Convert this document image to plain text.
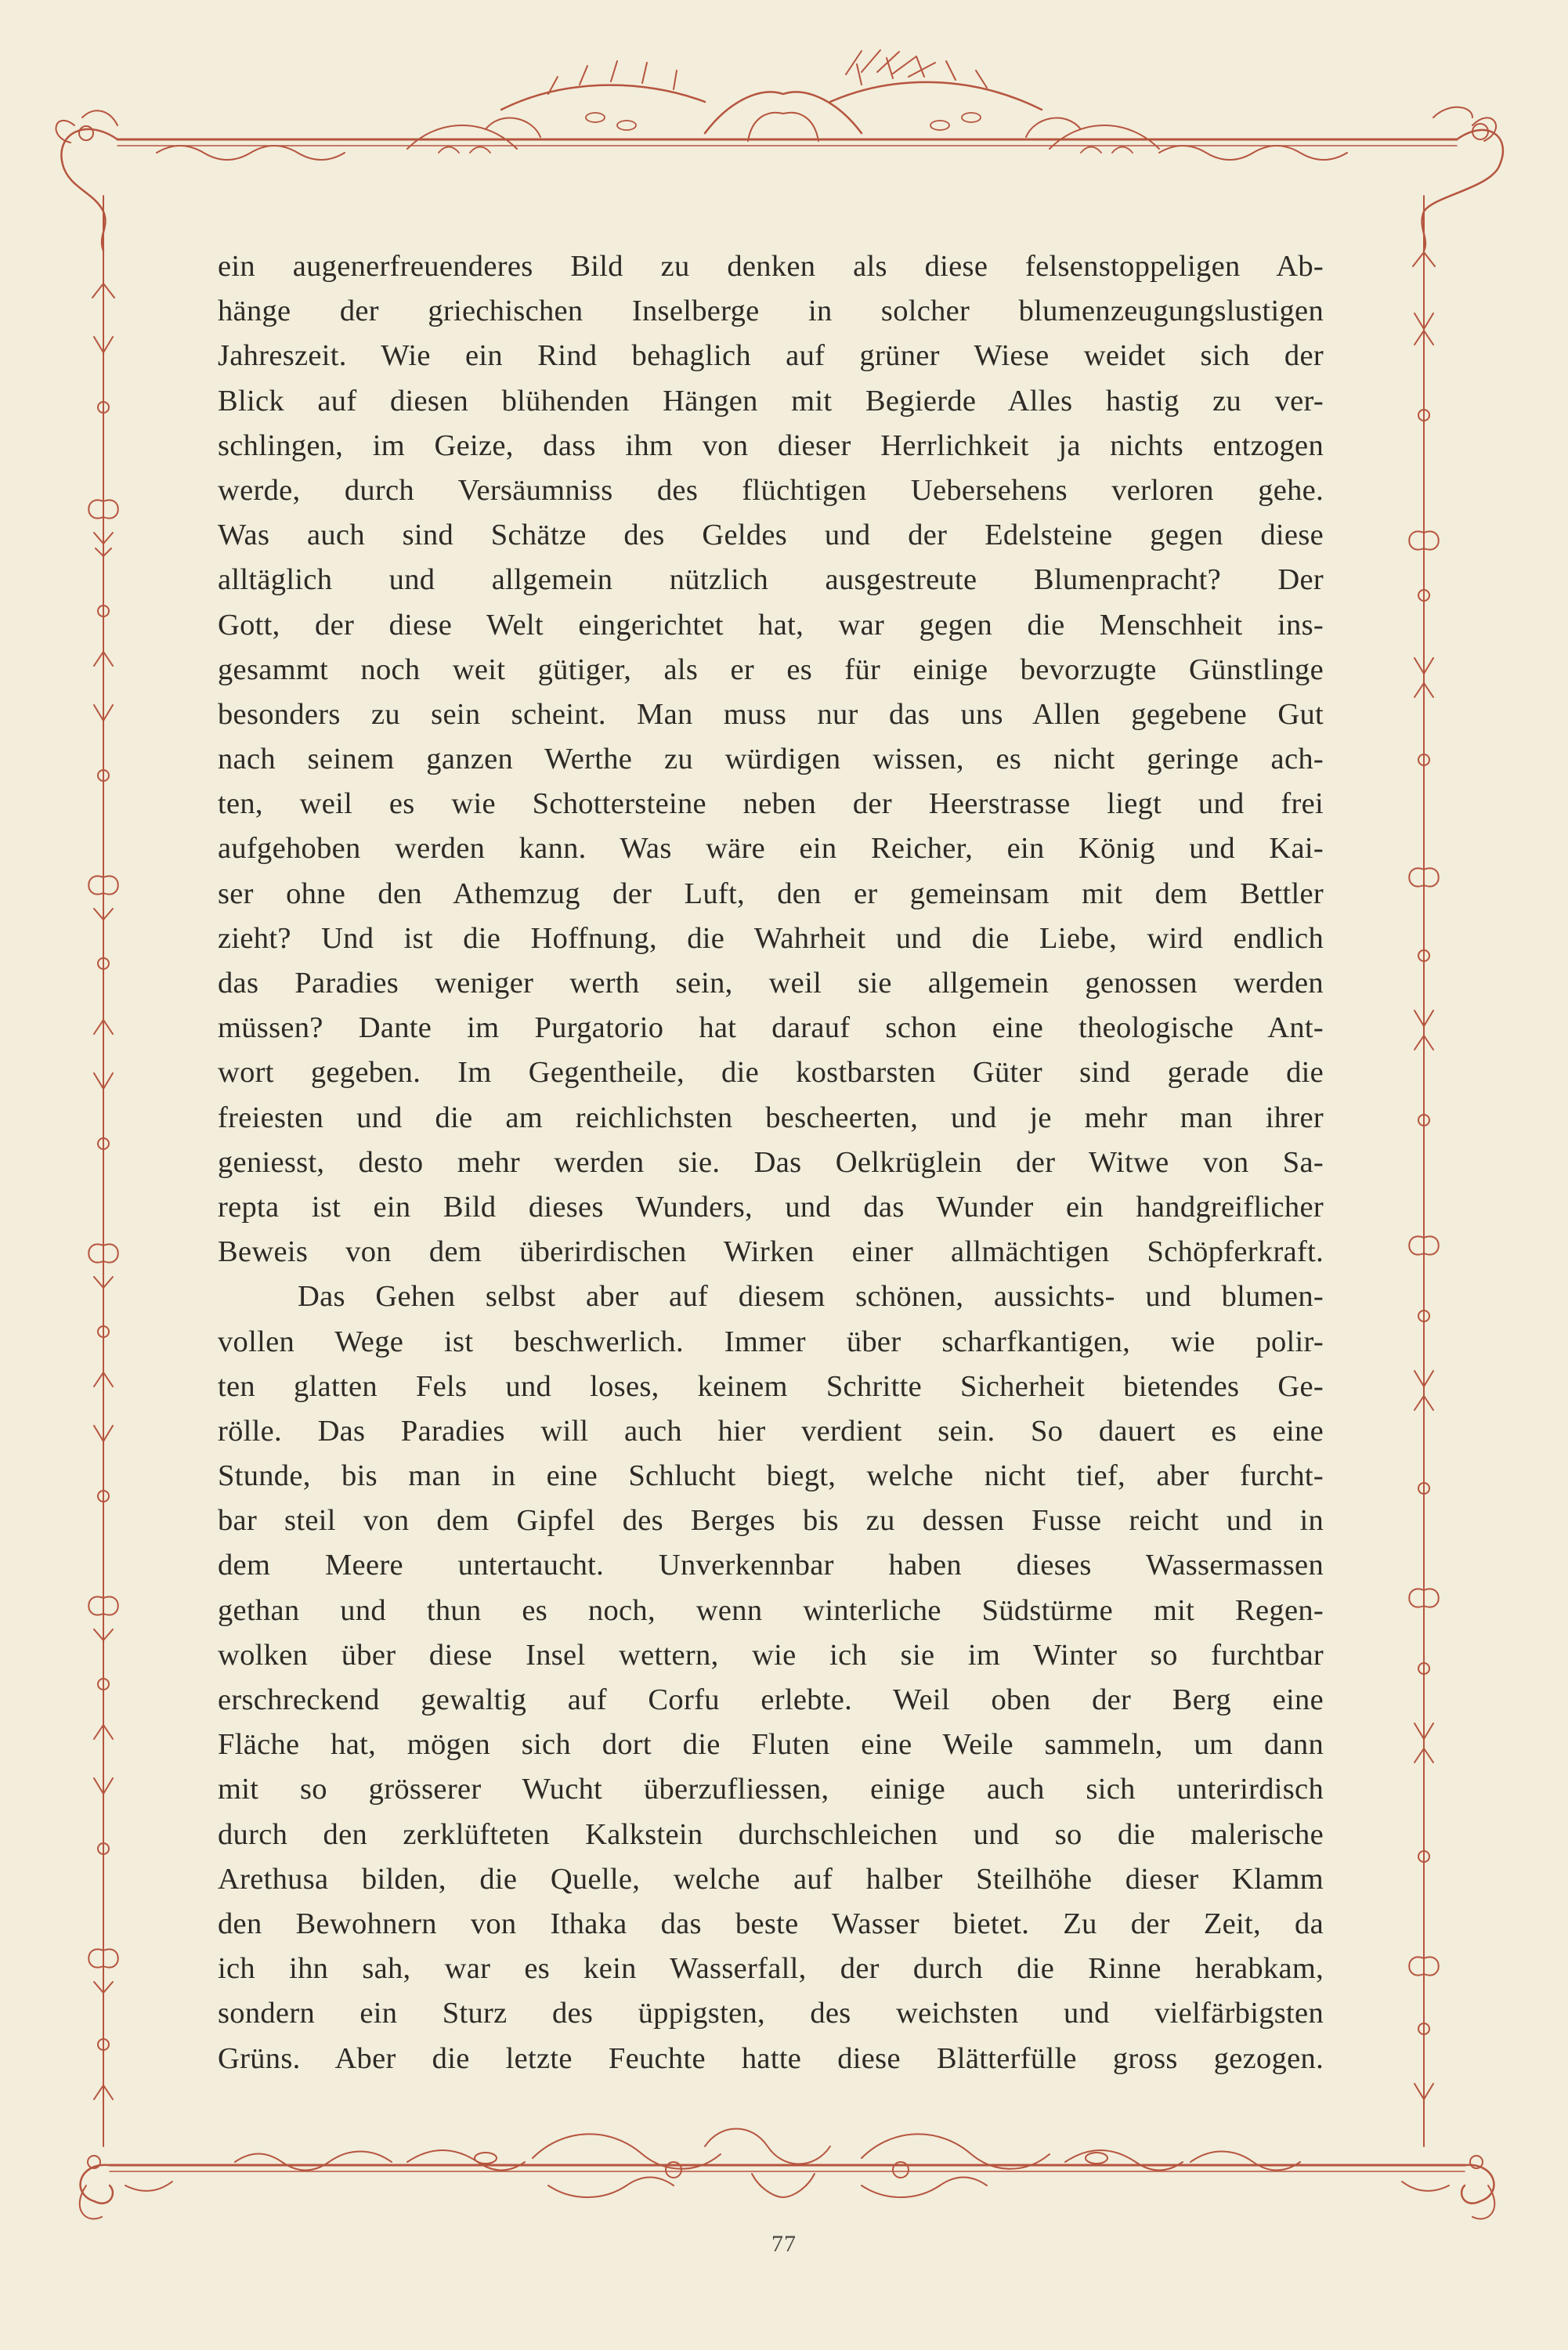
ein augenerfreuenderes Bild zu denken als diese felsenstoppeligen Ab-
hänge der griechischen Inselberge in solcher blumenzeugungslustigen
Jahreszeit. Wie ein Rind behaglich auf grüner Wiese weidet sich der
Blick auf diesen blühenden Hängen mit Begierde Alles hastig zu ver-
schlingen, im Geize, dass ihm von dieser Herrlichkeit ja nichts entzogen
werde, durch Versäumniss des flüchtigen Uebersehens verloren gehe.
Was auch sind Schätze des Geldes und der Edelsteine gegen diese
alltäglich und allgemein nützlich ausgestreute Blumenpracht? Der
Gott, der diese Welt eingerichtet hat, war gegen die Menschheit ins-
gesammt noch weit gütiger, als er es für einige bevorzugte Günstlinge
besonders zu sein scheint. Man muss nur das uns Allen gegebene Gut
nach seinem ganzen Werthe zu würdigen wissen, es nicht geringe ach-
ten, weil es wie Schottersteine neben der Heerstrasse liegt und frei
aufgehoben werden kann. Was wäre ein Reicher, ein König und Kai-
ser ohne den Athemzug der Luft, den er gemeinsam mit dem Bettler
zieht? Und ist die Hoffnung, die Wahrheit und die Liebe, wird endlich
das Paradies weniger werth sein, weil sie allgemein genossen werden
müssen? Dante im Purgatorio hat darauf schon eine theologische Ant-
wort gegeben. Im Gegentheile, die kostbarsten Güter sind gerade die
freiesten und die am reichlichsten bescheerten, und je mehr man ihrer
geniesst, desto mehr werden sie. Das Oelkrüglein der Witwe von Sa-
repta ist ein Bild dieses Wunders, und das Wunder ein handgreiflicher
Beweis von dem überirdischen Wirken einer allmächtigen Schöpferkraft.
Das Gehen selbst aber auf diesem schönen, aussichts- und blumen-
vollen Wege ist beschwerlich. Immer über scharfkantigen, wie polir-
ten glatten Fels und loses, keinem Schritte Sicherheit bietendes Ge-
rölle. Das Paradies will auch hier verdient sein. So dauert es eine
Stunde, bis man in eine Schlucht biegt, welche nicht tief, aber furcht-
bar steil von dem Gipfel des Berges bis zu dessen Fusse reicht und in
dem Meere untertaucht. Unverkennbar haben dieses Wassermassen
gethan und thun es noch, wenn winterliche Südstürme mit Regen-
wolken über diese Insel wettern, wie ich sie im Winter so furchtbar
erschreckend gewaltig auf Corfu erlebte. Weil oben der Berg eine
Fläche hat, mögen sich dort die Fluten eine Weile sammeln, um dann
mit so grösserer Wucht überzufliessen, einige auch sich unterirdisch
durch den zerklüfteten Kalkstein durchschleichen und so die malerische
Arethusa bilden, die Quelle, welche auf halber Steilhöhe dieser Klamm
den Bewohnern von Ithaka das beste Wasser bietet. Zu der Zeit, da
ich ihn sah, war es kein Wasserfall, der durch die Rinne herabkam,
sondern ein Sturz des üppigsten, des weichsten und vielfärbigsten
Grüns. Aber die letzte Feuchte hatte diese Blätterfülle gross gezogen.
77
